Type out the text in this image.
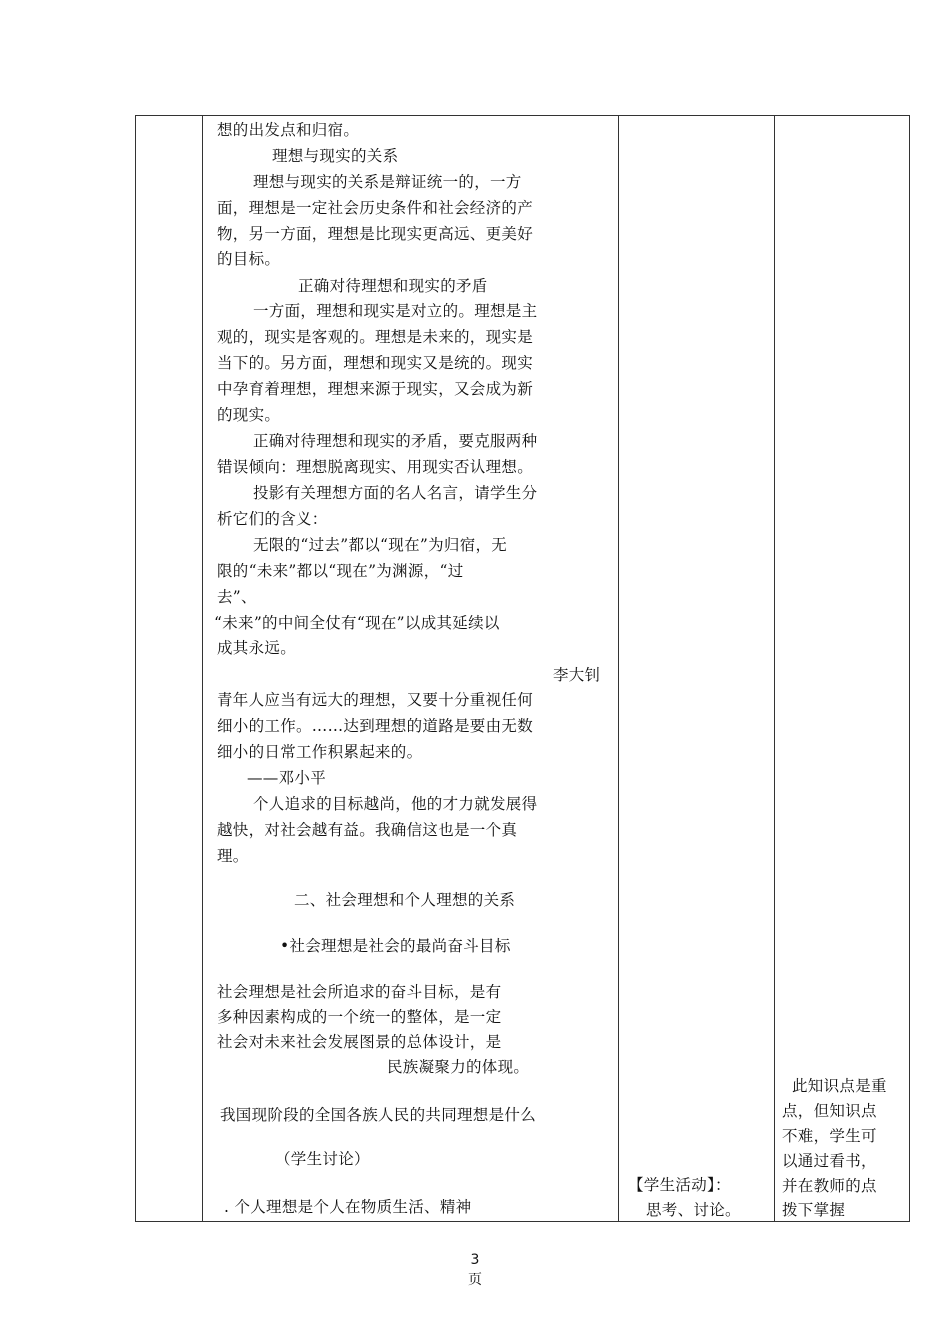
想的出发点和归宿。
理想与现实的关系
理想与现实的关系是辩证统一的，一方
面，理想是一定社会历史条件和社会经济的产
物，另一方面，理想是比现实更高远、更美好
的目标。
正确对待理想和现实的矛盾
一方面，理想和现实是对立的。理想是主
观的，现实是客观的。理想是未来的，现实是
当下的。另方面，理想和现实又是统的。现实
中孕育着理想，理想来源于现实，又会成为新
的现实。
正确对待理想和现实的矛盾，要克服两种
错误倾向：理想脱离现实、用现实否认理想。
投影有关理想方面的名人名言，请学生分
析它们的含义：
无限的“过去”都以“现在”为归宿，无
限的“未来”都以“现在”为渊源，“过
去”、
“未来”的中间全仗有“现在”以成其延续以
成其永远。
李大钊
青年人应当有远大的理想，又要十分重视任何
细小的工作。……达到理想的道路是要由无数
细小的日常工作积累起来的。
——邓小平
个人追求的目标越尚，他的才力就发展得
越快，对社会越有益。我确信这也是一个真
理。
二、社会理想和个人理想的关系
•社会理想是社会的最尚奋斗目标
社会理想是社会所追求的奋斗目标，是有
多种因素构成的一个统一的整体，是一定
社会对未来社会发展图景的总体设计，是
民族凝聚力的体现。
我国现阶段的全国各族人民的共同理想是什么
（学生讨论）
. 个人理想是个人在物质生活、精神
【学生活动】：
思考、讨论。
此知识点是重
点，但知识点
不难，学生可
以通过看书，
并在教师的点
拨下掌握
3
页
